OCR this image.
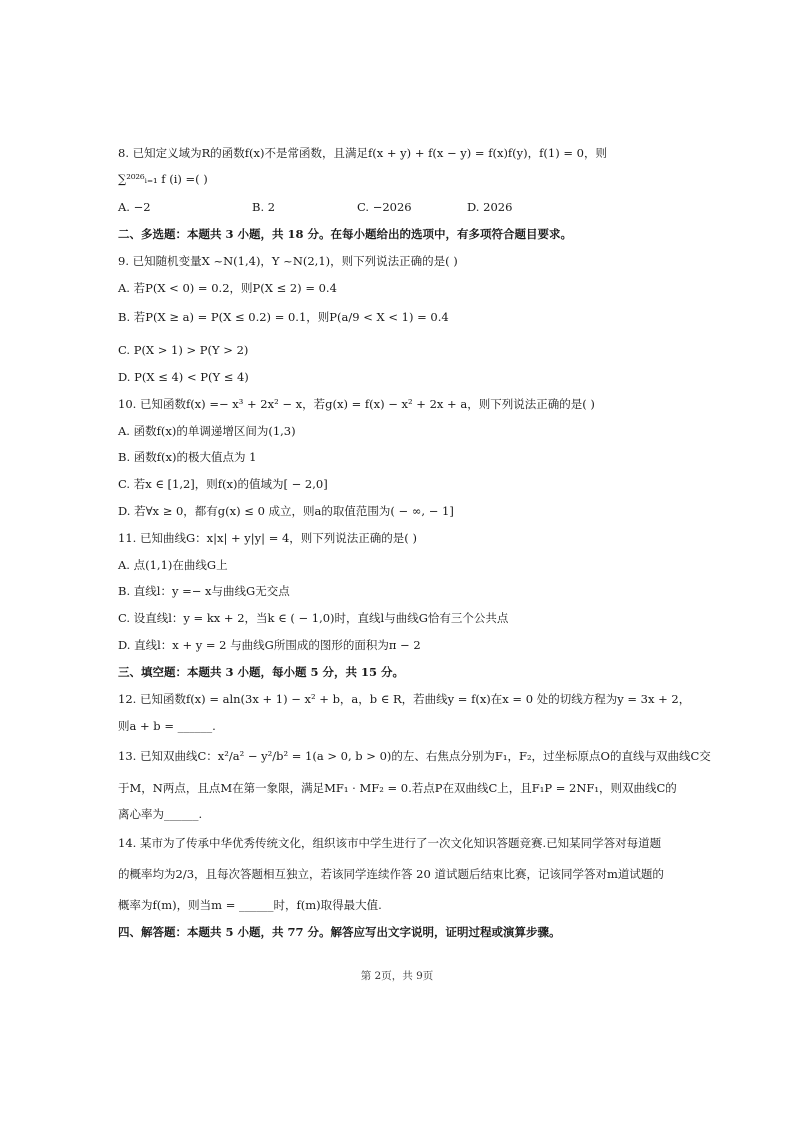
8. 已知定义域为R的函数f(x)不是常函数，且满足f(x + y) + f(x − y) = f(x)f(y)，f(1) = 0，则
∑²⁰²⁶ᵢ₌₁ f (i) =( )
A. −2	B. 2	C. −2026	D. 2026
二、多选题：本题共 3 小题，共 18 分。在每小题给出的选项中，有多项符合题目要求。
9. 已知随机变量X ~N(1,4)，Y ~N(2,1)，则下列说法正确的是( )
A. 若P(X < 0) = 0.2，则P(X ≤ 2) = 0.4
B. 若P(X ≥ a) = P(X ≤ 0.2) = 0.1，则P(a/9 < X < 1) = 0.4
C. P(X > 1) > P(Y > 2)
D. P(X ≤ 4) < P(Y ≤ 4)
10. 已知函数f(x) =− x³ + 2x² − x，若g(x) = f(x) − x² + 2x + a，则下列说法正确的是( )
A. 函数f(x)的单调递增区间为(1,3)
B. 函数f(x)的极大值点为 1
C. 若x ∈ [1,2]，则f(x)的值域为[ − 2,0]
D. 若∀x ≥ 0，都有g(x) ≤ 0 成立，则a的取值范围为( − ∞, − 1]
11. 已知曲线G：x|x| + y|y| = 4，则下列说法正确的是( )
A. 点(1,1)在曲线G上
B. 直线l：y =− x与曲线G无交点
C. 设直线l：y = kx + 2，当k ∈ ( − 1,0)时，直线l与曲线G恰有三个公共点
D. 直线l：x + y = 2 与曲线G所围成的图形的面积为π − 2
三、填空题：本题共 3 小题，每小题 5 分，共 15 分。
12. 已知函数f(x) = aln(3x + 1) − x² + b，a，b ∈ R，若曲线y = f(x)在x = 0 处的切线方程为y = 3x + 2，
则a + b = ______.
13. 已知双曲线C：x²/a² − y²/b² = 1(a > 0, b > 0)的左、右焦点分别为F₁，F₂，过坐标原点O的直线与双曲线C交
于M，N两点，且点M在第一象限，满足MF₁ · MF₂ = 0.若点P在双曲线C上，且F₁P = 2NF₁，则双曲线C的
离心率为______.
14. 某市为了传承中华优秀传统文化，组织该市中学生进行了一次文化知识答题竞赛.已知某同学答对每道题
的概率均为2/3，且每次答题相互独立，若该同学连续作答 20 道试题后结束比赛，记该同学答对m道试题的
概率为f(m)，则当m = ______时，f(m)取得最大值.
四、解答题：本题共 5 小题，共 77 分。解答应写出文字说明，证明过程或演算步骤。
第 2页，共 9页
